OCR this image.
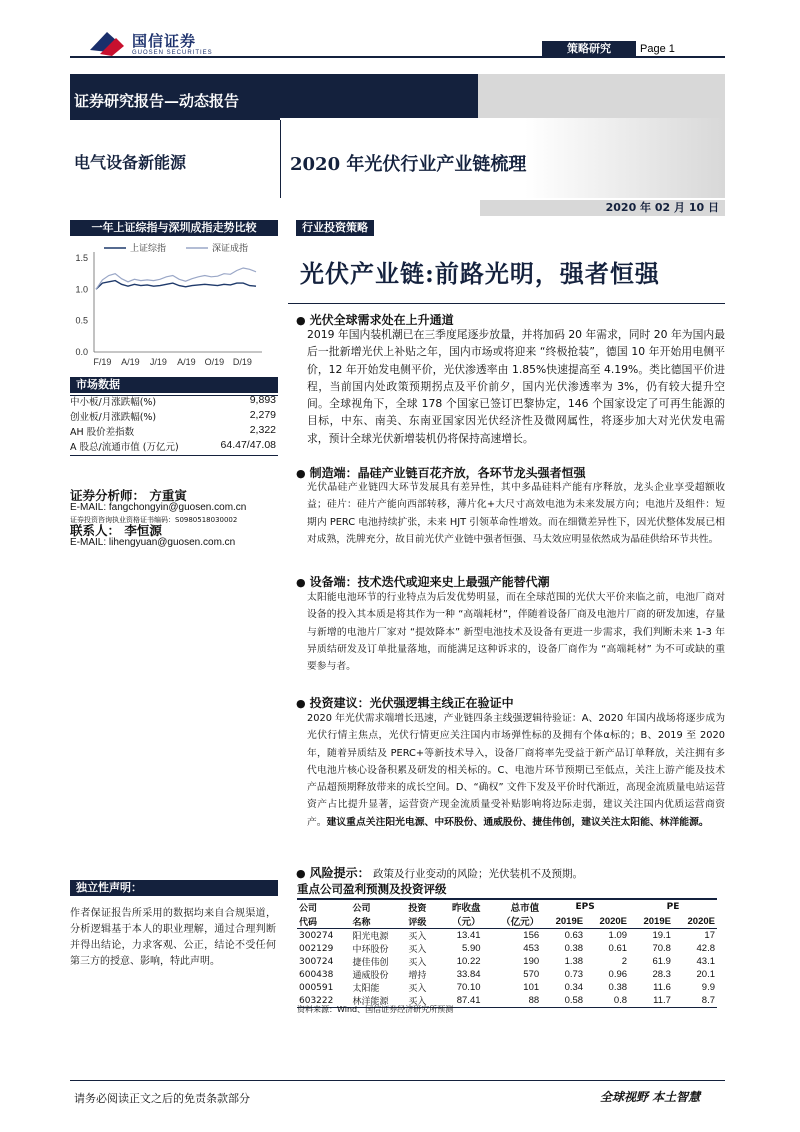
国信证券
GUOSEN SECURITIES	策略研究	Page 1
证券研究报告—动态报告
电气设备新能源	2020 年光伏行业产业链梳理
2020 年 02 月 10 日
一年上证综指与深圳成指走势比较
1.5
1.0
0.5
0.0
F/19 A/19 J/19 A/19 O/19 D/19
上证综指	深证成指
市场数据
中小板/月涨跌幅(%)	9,893
创业板/月涨跌幅(%)	2,279
AH 股价差指数	2,322
A 股总/流通市值 (万亿元)	64.47/47.08
证券分析师： 方重寅
E-MAIL: fangchongyin@guosen.com.cn
证券投资咨询执业资格证书编码：S0980518030002
联系人： 李恒源
E-MAIL: lihengyuan@guosen.com.cn
独立性声明：
作者保证报告所采用的数据均来自合规渠道，分析逻辑基于本人的职业理解，通过合理判断并得出结论，力求客观、公正，结论不受任何第三方的授意、影响，特此声明。
行业投资策略
光伏产业链:前路光明，强者恒强
● 光伏全球需求处在上升通道
2019 年国内装机潮已在三季度尾逐步放量，并将加码 20 年需求，同时 20 年为国内最后一批新增光伏上补贴之年，国内市场或将迎来 “终极抢装”，德国 10 年开始用电侧平价，12 年开始发电侧平价，光伏渗透率由 1.85%快速提高至 4.19%。类比德国平价进程，当前国内处政策预期拐点及平价前夕，国内光伏渗透率为 3%，仍有较大提升空间。全球视角下，全球 178 个国家已签订巴黎协定，146 个国家设定了可再生能源的目标，中东、南美、东南亚国家因光伏经济性及微网属性，将逐步加大对光伏发电需求，预计全球光伏新增装机仍将保持高速增长。
● 制造端：晶硅产业链百花齐放，各环节龙头强者恒强
光伏晶硅产业链四大环节发展具有差异性，其中多晶硅料产能有序释放，龙头企业享受超额收益；硅片：硅片产能向西部转移，薄片化+大尺寸高效电池为未来发展方向；电池片及组件：短期内 PERC 电池持续扩张，未来 HJT 引领革命性增效。而在细微差异性下，因光伏整体发展已相对成熟，洗牌充分，故目前光伏产业链中强者恒强、马太效应明显依然成为晶硅供给环节共性。
● 设备端：技术迭代或迎来史上最强产能替代潮
太阳能电池环节的行业特点为后发优势明显，而在全球范围的光伏大平价来临之前，电池厂商对设备的投入其本质是将其作为一种 “高端耗材”，伴随着设备厂商及电池片厂商的研发加速，存量与新增的电池片厂家对 “提效降本” 新型电池技术及设备有更进一步需求，我们判断未来 1-3 年异质结研发及订单批量落地，而能满足这种诉求的，设备厂商作为 “高端耗材” 为不可或缺的重要参与者。
● 投资建议：光伏强逻辑主线正在验证中
2020 年光伏需求端增长迅速，产业链四条主线强逻辑待验证：A、2020 年国内战场将逐步成为光伏行情主焦点，光伏行情更应关注国内市场弹性标的及拥有个体α标的；B、2019 至 2020 年，随着异质结及 PERC+等新技术导入，设备厂商将率先受益于新产品订单释放，关注拥有多代电池片核心设备积累及研发的相关标的。C、电池片环节预期已至低点，关注上游产能及技术产品超预期释放带来的成长空间。D、“确权” 文件下发及平价时代渐近，高现金流质量电站运营资产占比提升显著，运营资产现金流质量受补贴影响将边际走弱，建议关注国内优质运营商资产。建议重点关注阳光电源、中环股份、通威股份、捷佳伟创，建议关注太阳能、林洋能源。
● 风险提示： 政策及行业变动的风险；光伏装机不及预期。
重点公司盈利预测及投资评级
公司	公司	投资	昨收盘	总市值	EPS		PE	
代码	名称	评级	（元）	（亿元）	2019E	2020E	2019E	2020E
300274	阳光电源	买入	13.41	156	0.63	1.09	19.1	17
002129	中环股份	买入	5.90	453	0.38	0.61	70.8	42.8
300724	捷佳伟创	买入	10.22	190	1.38	2	61.9	43.1
600438	通威股份	增持	33.84	570	0.73	0.96	28.3	20.1
000591	太阳能	买入	70.10	101	0.34	0.38	11.6	9.9
603222	林洋能源	买入	87.41	88	0.58	0.8	11.7	8.7
资料来源：Wind、国信证券经济研究所预测
请务必阅读正文之后的免责条款部分	全球视野 本土智慧
